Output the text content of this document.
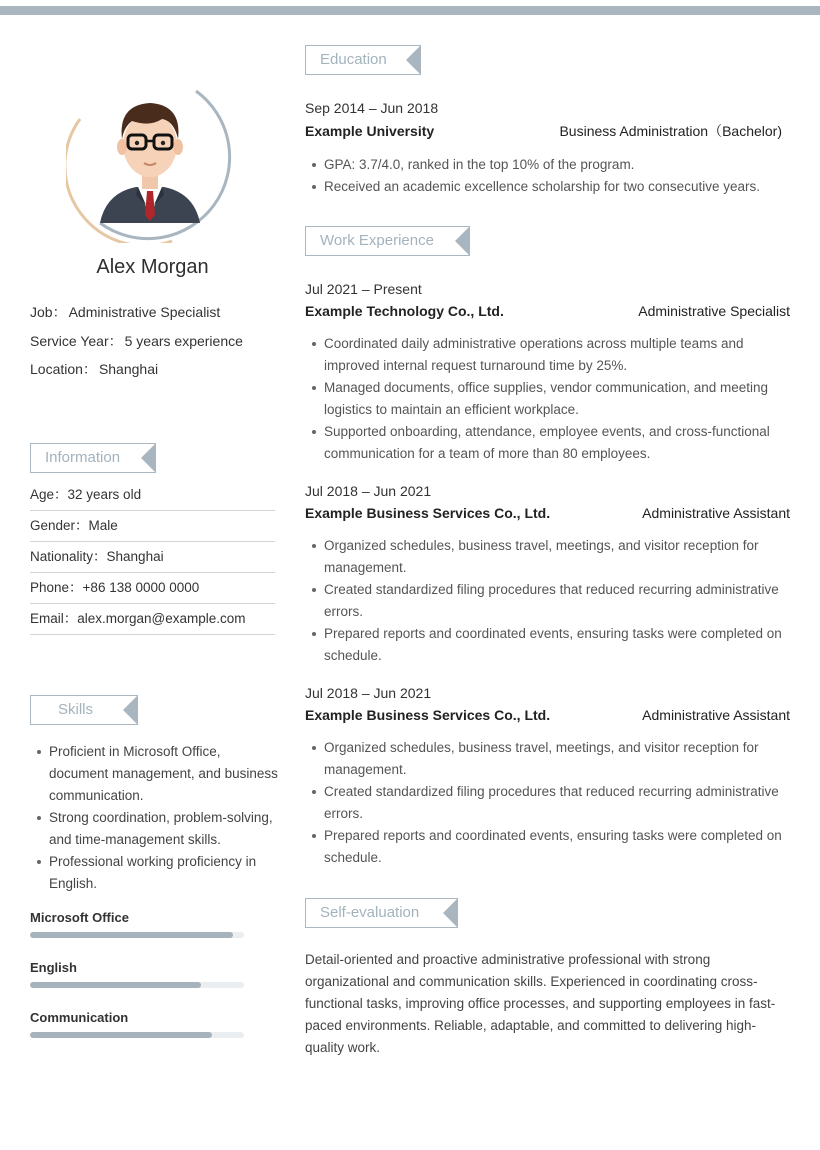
Alex Morgan
Job： Administrative Specialist
Service Year： 5 years experience
Location： Shanghai
Information
Age：32 years old
Gender：Male
Nationality：Shanghai
Phone：+86 138 0000 0000
Email：alex.morgan@example.com
Skills
Proficient in Microsoft Office, document management, and business communication.
Strong coordination, problem-solving, and time-management skills.
Professional working proficiency in English.
Microsoft Office
English
Communication
Education
Sep 2014 – Jun 2018
Example University	Business Administration（Bachelor)
GPA: 3.7/4.0, ranked in the top 10% of the program.
Received an academic excellence scholarship for two consecutive years.
Work Experience
Jul 2021 – Present
Example Technology Co., Ltd.	Administrative Specialist
Coordinated daily administrative operations across multiple teams and improved internal request turnaround time by 25%.
Managed documents, office supplies, vendor communication, and meeting logistics to maintain an efficient workplace.
Supported onboarding, attendance, employee events, and cross-functional communication for a team of more than 80 employees.
Jul 2018 – Jun 2021
Example Business Services Co., Ltd.	Administrative Assistant
Organized schedules, business travel, meetings, and visitor reception for management.
Created standardized filing procedures that reduced recurring administrative errors.
Prepared reports and coordinated events, ensuring tasks were completed on schedule.
Jul 2018 – Jun 2021
Example Business Services Co., Ltd.	Administrative Assistant
Organized schedules, business travel, meetings, and visitor reception for management.
Created standardized filing procedures that reduced recurring administrative errors.
Prepared reports and coordinated events, ensuring tasks were completed on schedule.
Self-evaluation
Detail-oriented and proactive administrative professional with strong organizational and communication skills. Experienced in coordinating cross-functional tasks, improving office processes, and supporting employees in fast-paced environments. Reliable, adaptable, and committed to delivering high-quality work.
